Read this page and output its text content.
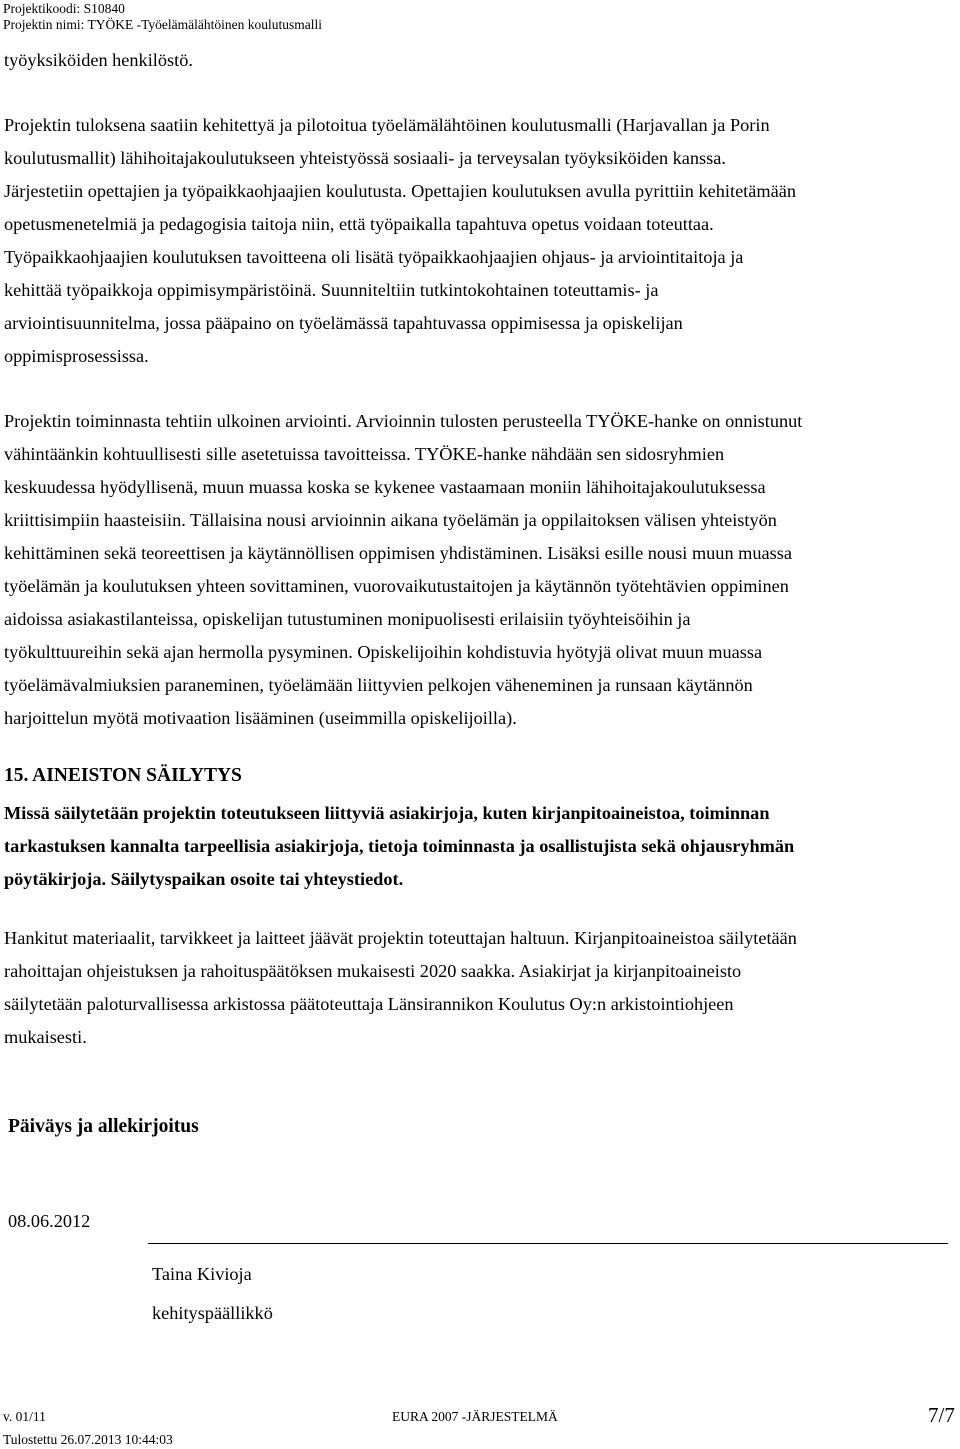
Projektikoodi: S10840
Projektin nimi: TYÖKE -Työelämälähtöinen koulutusmalli
työyksiköiden henkilöstö.
Projektin tuloksena saatiin kehitettyä ja pilotoitua työelämälähtöinen koulutusmalli (Harjavallan ja Porin
koulutusmallit) lähihoitajakoulutukseen yhteistyössä sosiaali- ja terveysalan työyksiköiden kanssa.
Järjestetiin opettajien ja työpaikkaohjaajien koulutusta. Opettajien koulutuksen avulla pyrittiin kehitetämään
opetusmenetelmiä ja pedagogisia taitoja niin, että työpaikalla tapahtuva opetus voidaan toteuttaa.
Työpaikkaohjaajien koulutuksen tavoitteena oli lisätä työpaikkaohjaajien ohjaus- ja arviointitaitoja ja
kehittää työpaikkoja oppimisympäristöinä. Suunniteltiin tutkintokohtainen toteuttamis- ja
arviointisuunnitelma, jossa pääpaino on työelämässä tapahtuvassa oppimisessa ja opiskelijan
oppimisprosessissa.
Projektin toiminnasta tehtiin ulkoinen arviointi. Arvioinnin tulosten perusteella TYÖKE-hanke on onnistunut
vähintäänkin kohtuullisesti sille asetetuissa tavoitteissa. TYÖKE-hanke nähdään sen sidosryhmien
keskuudessa hyödyllisenä, muun muassa koska se kykenee vastaamaan moniin lähihoitajakoulutuksessa
kriittisimpiin haasteisiin. Tällaisina nousi arvioinnin aikana työelämän ja oppilaitoksen välisen yhteistyön
kehittäminen sekä teoreettisen ja käytännöllisen oppimisen yhdistäminen. Lisäksi esille nousi muun muassa
työelämän ja koulutuksen yhteen sovittaminen, vuorovaikutustaitojen ja käytännön työtehtävien oppiminen
aidoissa asiakastilanteissa, opiskelijan tutustuminen monipuolisesti erilaisiin työyhteisöihin ja
työkulttuureihin sekä ajan hermolla pysyminen. Opiskelijoihin kohdistuvia hyötyjä olivat muun muassa
työelämävalmiuksien paraneminen, työelämään liittyvien pelkojen väheneminen ja runsaan käytännön
harjoittelun myötä motivaation lisääminen (useimmilla opiskelijoilla).
15. AINEISTON SÄILYTYS
Missä säilytetään projektin toteutukseen liittyviä asiakirjoja, kuten kirjanpitoaineistoa, toiminnan
tarkastuksen kannalta tarpeellisia asiakirjoja, tietoja toiminnasta ja osallistujista sekä ohjausryhmän
pöytäkirjoja. Säilytyspaikan osoite tai yhteystiedot.
Hankitut materiaalit, tarvikkeet ja laitteet jäävät projektin toteuttajan haltuun. Kirjanpitoaineistoa säilytetään
rahoittajan ohjeistuksen ja rahoituspäätöksen mukaisesti 2020 saakka. Asiakirjat ja kirjanpitoaineisto
säilytetään paloturvallisessa arkistossa päätoteuttaja Länsirannikon Koulutus Oy:n arkistointiohjeen
mukaisesti.
Päiväys ja allekirjoitus
08.06.2012
Taina Kivioja
kehityspäällikkö
v. 01/11	EURA 2007 -JÄRJESTELMÄ	7/7
Tulostettu 26.07.2013 10:44:03
